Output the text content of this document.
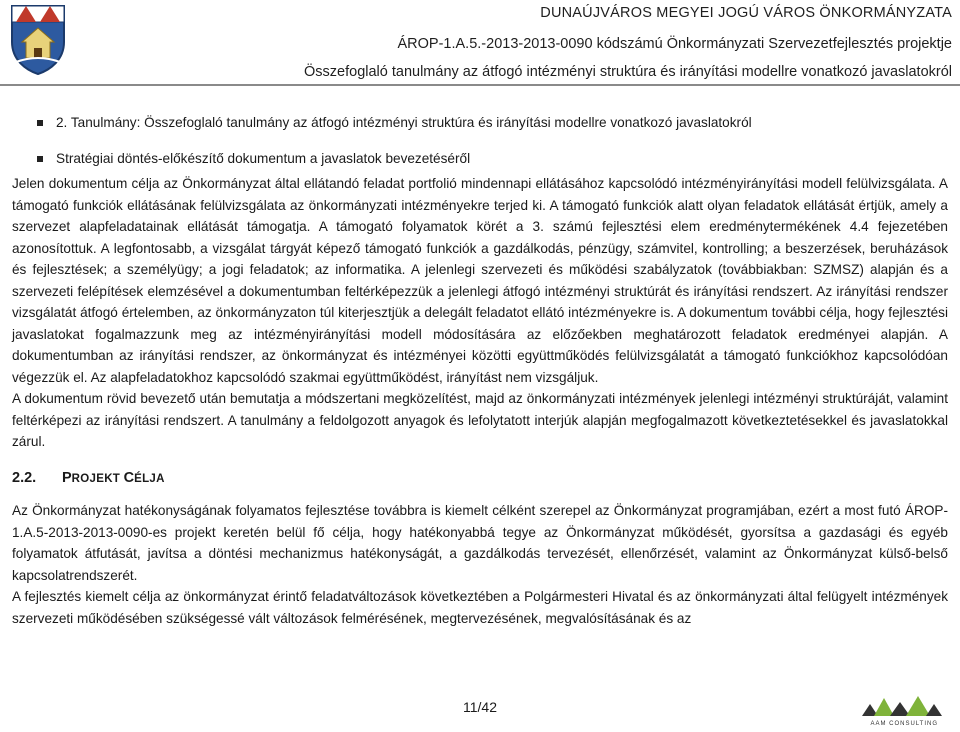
DUNAÚJVÁROS MEGYEI JOGÚ VÁROS ÖNKORMÁNYZATA
ÁROP-1.A.5.-2013-2013-0090 kódszámú Önkormányzati Szervezetfejlesztés projektje
Összefoglaló tanulmány az átfogó intézményi struktúra és irányítási modellre vonatkozó javaslatokról
2. Tanulmány: Összefoglaló tanulmány az átfogó intézményi struktúra és irányítási modellre vonatkozó javaslatokról
Stratégiai döntés-előkészítő dokumentum a javaslatok bevezetéséről

Jelen dokumentum célja az Önkormányzat által ellátandó feladat portfolió mindennapi ellátásához kapcsolódó intézményirányítási modell felülvizsgálata. A támogató funkciók ellátásának felülvizsgálata az önkormányzati intézményekre terjed ki. A támogató funkciók alatt olyan feladatok ellátását értjük, amely a szervezet alapfeladatainak ellátását támogatja. A támogató folyamatok körét a 3. számú fejlesztési elem eredménytermékének 4.4 fejezetében azonosítottuk. A legfontosabb, a vizsgálat tárgyát képező támogató funkciók a gazdálkodás, pénzügy, számvitel, kontrolling; a beszerzések, beruházások és fejlesztések; a személyügy; a jogi feladatok; az informatika. A jelenlegi szervezeti és működési szabályzatok (továbbiakban: SZMSZ) alapján és a szervezeti felépítések elemzésével a dokumentumban feltérképezzük a jelenlegi átfogó intézményi struktúrát és irányítási rendszert. Az irányítási rendszer vizsgálatát átfogó értelemben, az önkormányzaton túl kiterjesztjük a delegált feladatot ellátó intézményekre is. A dokumentum további célja, hogy fejlesztési javaslatokat fogalmazzunk meg az intézményirányítási modell módosítására az előzőekben meghatározott feladatok eredményei alapján. A dokumentumban az irányítási rendszer, az önkormányzat és intézményei közötti együttműködés felülvizsgálatát a támogató funkciókhoz kapcsolódóan végezzük el. Az alapfeladatokhoz kapcsolódó szakmai együttműködést, irányítást nem vizsgáljuk.

A dokumentum rövid bevezető után bemutatja a módszertani megközelítést, majd az önkormányzati intézmények jelenlegi intézményi struktúráját, valamint feltérképezi az irányítási rendszert. A tanulmány a feldolgozott anyagok és lefolytatott interjúk alapján megfogalmazott következtetésekkel és javaslatokkal zárul.

2.2.	PROJEKT CÉLJA

Az Önkormányzat hatékonyságának folyamatos fejlesztése továbbra is kiemelt célként szerepel az Önkormányzat programjában, ezért a most futó ÁROP-1.A.5-2013-2013-0090-es projekt keretén belül fő célja, hogy hatékonyabbá tegye az Önkormányzat működését, gyorsítsa a gazdasági és egyéb folyamatok átfutását, javítsa a döntési mechanizmus hatékonyságát, a gazdálkodás tervezését, ellenőrzését, valamint az Önkormányzat külső-belső kapcsolatrendszerét.

A fejlesztés kiemelt célja az önkormányzat érintő feladatváltozások következtében a Polgármesteri Hivatal és az önkormányzati által felügyelt intézmények szervezeti működésében szükségessé vált változások felmérésének, megtervezésének, megvalósításának és az

11/42
AAM CONSULTING
